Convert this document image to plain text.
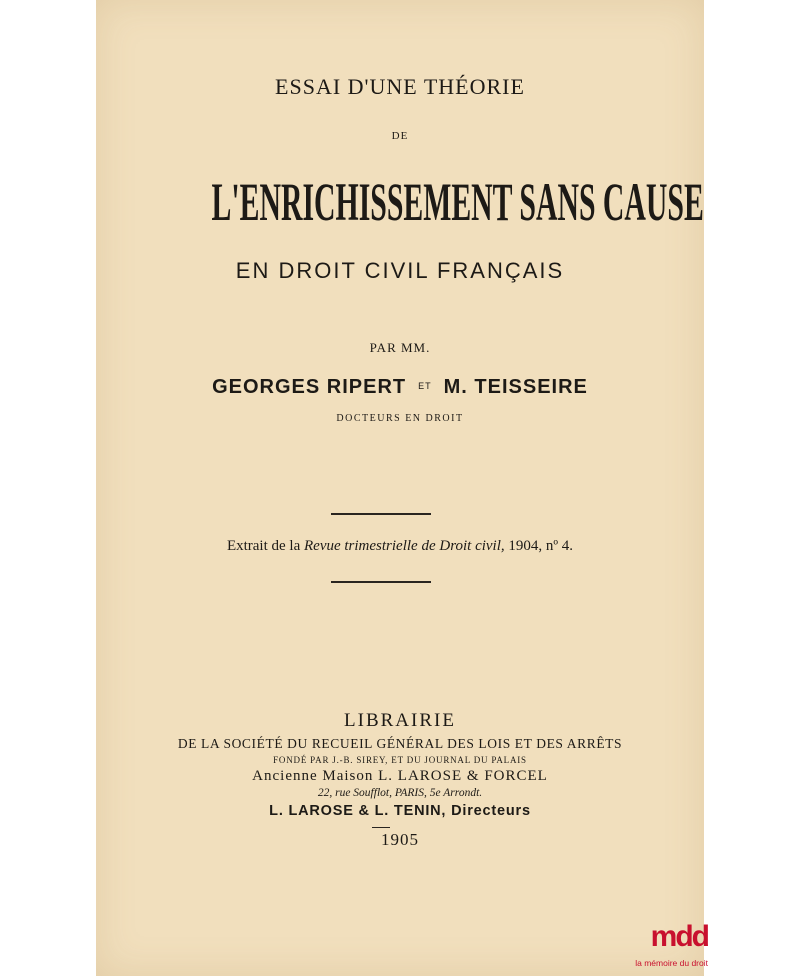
ESSAI D'UNE THÉORIE
DE
L'ENRICHISSEMENT SANS CAUSE
EN DROIT CIVIL FRANÇAIS
PAR MM.
GEORGES RIPERT $^{ET}$ M. TEISSEIRE
DOCTEURS EN DROIT
Extrait de la Revue trimestrielle de Droit civil, 1904, nº 4.
LIBRAIRIE
DE LA SOCIÉTÉ DU RECUEIL GÉNÉRAL DES LOIS ET DES ARRÊTS
FONDÉ PAR J.-B. SIREY, ET DU JOURNAL DU PALAIS
Ancienne Maison L. LAROSE & FORCEL
22, rue Soufflot, PARIS, 5e Arrondt.
L. LAROSE & L. TENIN, Directeurs
1905
mdd
la mémoire du droit
